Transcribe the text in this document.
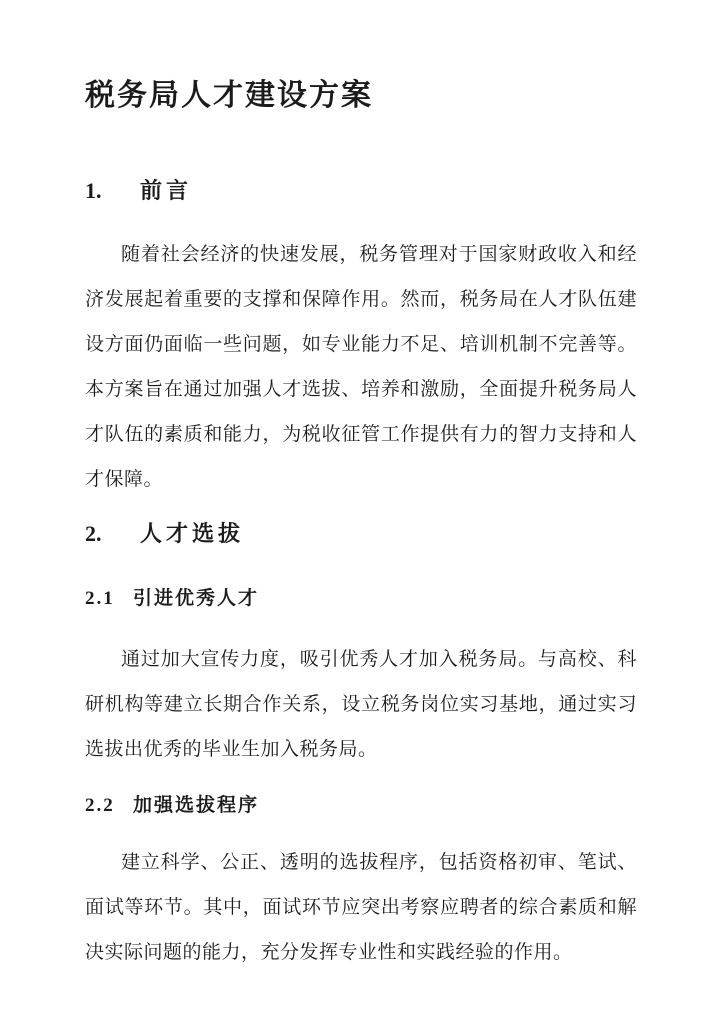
税务局人才建设方案
1. 前言

随着社会经济的快速发展，税务管理对于国家财政收入和经济发展起着重要的支撑和保障作用。然而，税务局在人才队伍建设方面仍面临一些问题，如专业能力不足、培训机制不完善等。本方案旨在通过加强人才选拔、培养和激励，全面提升税务局人才队伍的素质和能力，为税收征管工作提供有力的智力支持和人才保障。

2. 人才选拔
2.1 引进优秀人才

通过加大宣传力度，吸引优秀人才加入税务局。与高校、科研机构等建立长期合作关系，设立税务岗位实习基地，通过实习选拔出优秀的毕业生加入税务局。

2.2 加强选拔程序

建立科学、公正、透明的选拔程序，包括资格初审、笔试、面试等环节。其中，面试环节应突出考察应聘者的综合素质和解决实际问题的能力，充分发挥专业性和实践经验的作用。
